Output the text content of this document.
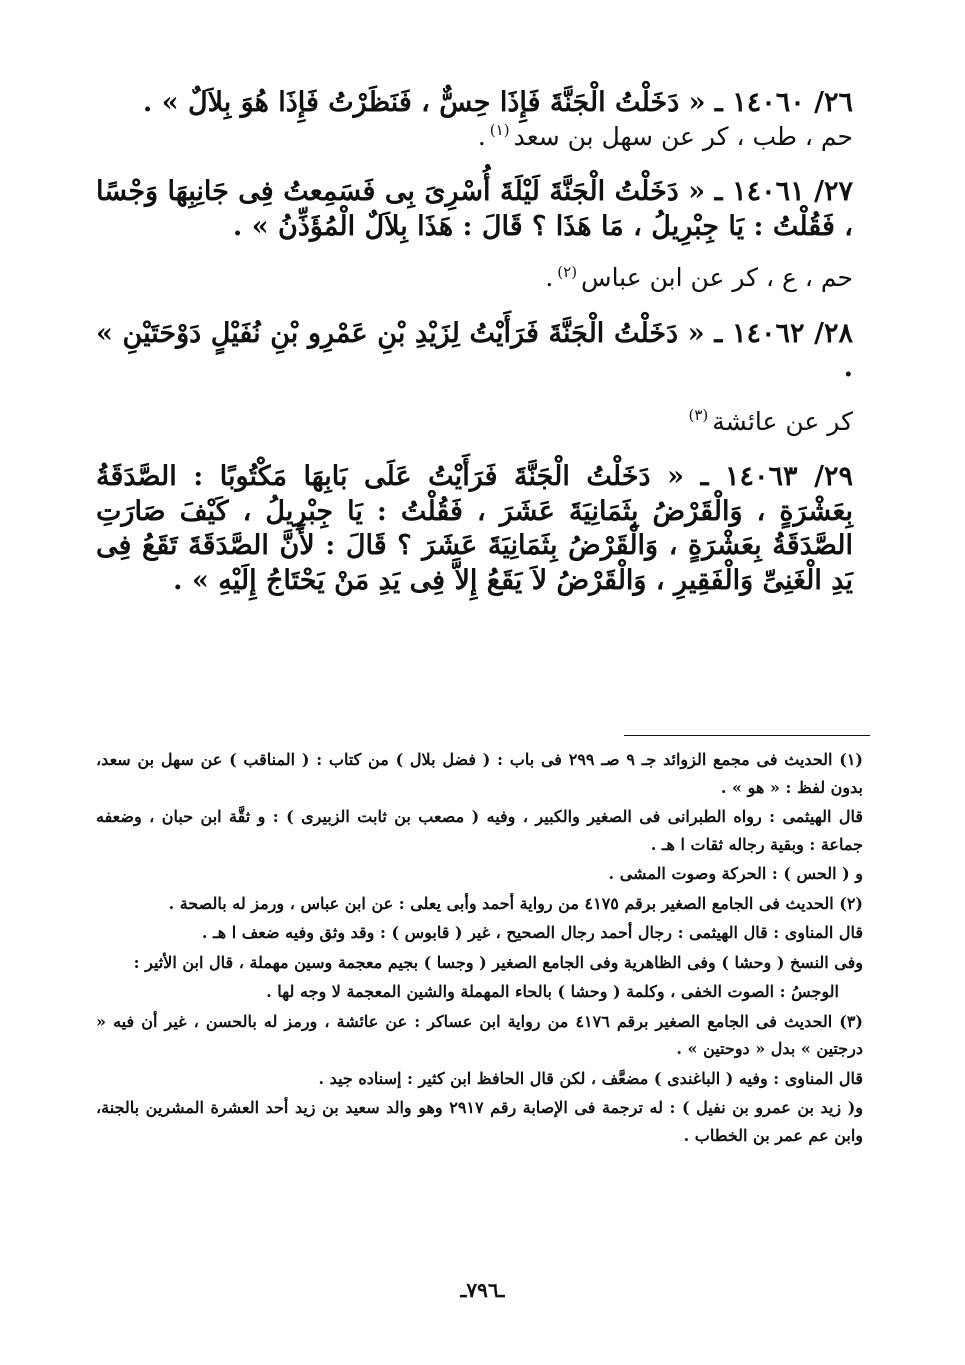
٢٦/ ١٤٠٦٠ ـ « دَخَلْتُ الْجَنَّةَ فَإِذَا حِسٌّ ، فَنَظَرْتُ فَإِذَا هُوَ بِلاَلٌ » .

حم ، طب ، كر عن سهل بن سعد$^{(١)}$.

٢٧/ ١٤٠٦١ ـ « دَخَلْتُ الْجَنَّةَ لَيْلَةَ أُسْرِىَ بِى فَسَمِعتُ فِى جَانِبِهَا وَجْسًا ، فَقُلْتُ : يَا جِبْرِيلُ ، مَا هَذَا ؟ قَالَ : هَذَا بِلاَلٌ الْمُؤَذِّنُ » .

حم ، ع ، كر عن ابن عباس$^{(٢)}$.

٢٨/ ١٤٠٦٢ ـ « دَخَلْتُ الْجَنَّةَ فَرَأَيْتُ لِزَيْدِ بْنِ عَمْرِو بْنِ نُفَيْلٍ دَوْحَتَيْنِ » .

كر عن عائشة$^{(٣)}$

٢٩/ ١٤٠٦٣ ـ « دَخَلْتُ الْجَنَّةَ فَرَأَيْتُ عَلَى بَابِهَا مَكْتُوبًا : الصَّدَقَةُ بِعَشْرَةٍ ، وَالْقَرْضُ بِثَمَانِيَةَ عَشَرَ ، فَقُلْتُ : يَا جِبْرِيلُ ، كَيْفَ صَارَتِ الصَّدَقَةُ بِعَشْرَةٍ ، وَالْقَرْضُ بِثَمَانِيَةَ عَشَرَ ؟ قَالَ : لأَنَّ الصَّدَقَةَ تَقَعُ فِى يَدِ الْغَنِىِّ وَالْفَقِيرِ ، وَالْقَرْضُ لاَ يَقَعُ إِلاَّ فِى يَدِ مَنْ يَحْتَاجُ إِلَيْهِ » .

(١) الحديث فى مجمع الزوائد جـ ٩ صـ ٢٩٩ فى باب : ( فضل بلال ) من كتاب : ( المناقب ) عن سهل بن سعد، بدون لفظ : « هو » .

قال الهيثمى : رواه الطبرانى فى الصغير والكبير ، وفيه ( مصعب بن ثابت الزبيرى ) : و ثقَّة ابن حبان ، وضعفه جماعة : وبقية رجاله ثقات ا هـ .

و ( الحس ) : الحركة وصوت المشى .

(٢) الحديث فى الجامع الصغير برقم ٤١٧٥ من رواية أحمد وأبى يعلى : عن ابن عباس ، ورمز له بالصحة .

قال المناوى : قال الهيثمى : رجال أحمد رجال الصحيح ، غير ( قابوس ) : وقد وثق وفيه ضعف ا هـ .

وفى النسخ ( وحشا ) وفى الظاهرية وفى الجامع الصغير ( وجسا ) بجيم معجمة وسين مهملة ، قال ابن الأثير :

الوجسُ : الصوت الخفى ، وكلمة ( وحشا ) بالحاء المهملة والشين المعجمة لا وجه لها .

(٣) الحديث فى الجامع الصغير برقم ٤١٧٦ من رواية ابن عساكر : عن عائشة ، ورمز له بالحسن ، غير أن فيه « درجتين » بدل « دوحتين » .

قال المناوى : وفيه ( الباغندى ) مضعَّف ، لكن قال الحافظ ابن كثير : إسناده جيد .

و( زيد بن عمرو بن نفيل ) : له ترجمة فى الإصابة رقم ٢٩١٧ وهو والد سعيد بن زيد أحد العشرة المشرين بالجنة، وابن عم عمر بن الخطاب .

ـ٧٩٦ـ
